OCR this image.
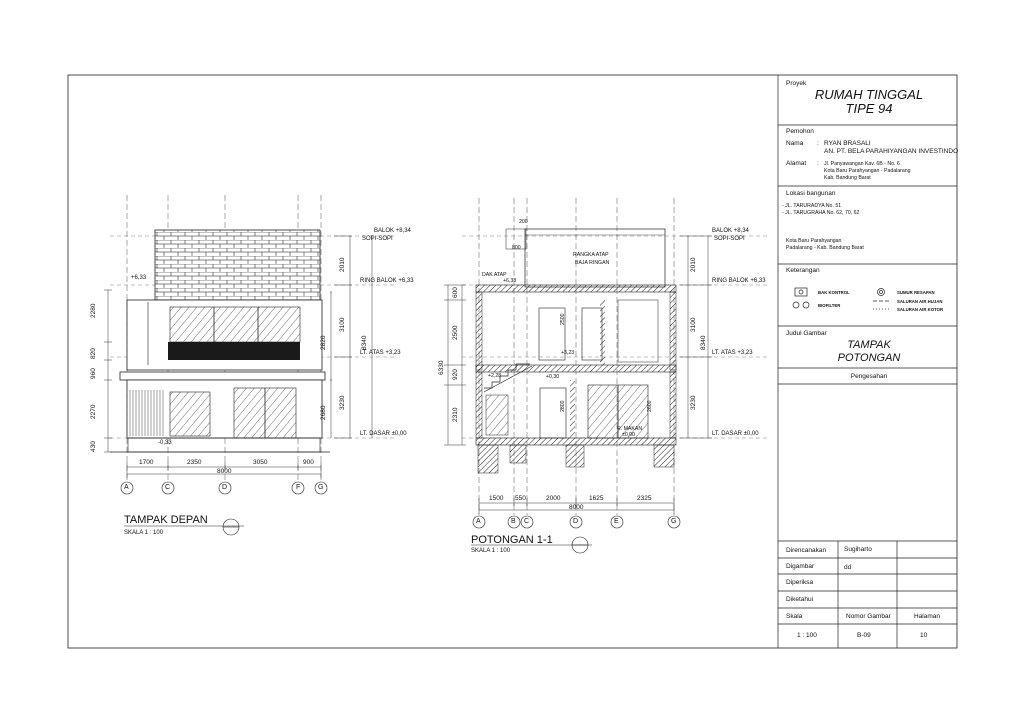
BALOK +8,34
SOPI-SOPI
RING BALOK +6,33
LT. ATAS +3,23
LT. DASAR ±0,00
+6,33
-0,33
2280
820
960
2270
430
2010
3100
3230
8340
2820
2680
1700	2350	3050	900
8000
A	C	D	F	G
TAMPAK DEPAN
SKALA 1 : 100
BALOK +8,34
SOPI-SOPI
RING BALOK +6,33
LT. ATAS +3,23
LT. DASAR ±0,00
600
2500
920
2310
6330
2010
3100
3230
8340
1500 550	2000	1625	2325
8000
A	B C	D	E	G
200
800
RANGKA ATAP
BAJA RINGAN
DAK ATAP
+6,33
2500
2800	2600
+3,23
+2,28	+0,30
R. MAKAN
±0,00
POTONGAN 1-1
SKALA 1 : 100
Proyek
RUMAH TINGGAL
TIPE 94
Pemohon
Nama : RYAN BRASALI
AN. PT. BELA PARAHIYANGAN INVESTINDO
Alamat : Jl. Panyawangan Kav. 6B - No. 6
Kota Baru Parahyangan - Padalarang
Kab. Bandung Barat
Lokasi bangunan
- JL. TARURADYA No. 51
- JL. TARUGRAHA No. 62, 70, 62
Kota Baru Parahyangan
Padalarang - Kab. Bandung Barat
Keterangan
BAK KONTROL
BIOFILTER
SUMUR RESAPAN
SALURAN AIR HUJAN
SALURAN AIR KOTOR
Judul Gambar
TAMPAK
POTONGAN
Pengesahan
Direncanakan	Sugiharto
Digambar	dd
Diperiksa
Diketahui
Skala	Nomor Gambar	Halaman
1 : 100	B-09	10
